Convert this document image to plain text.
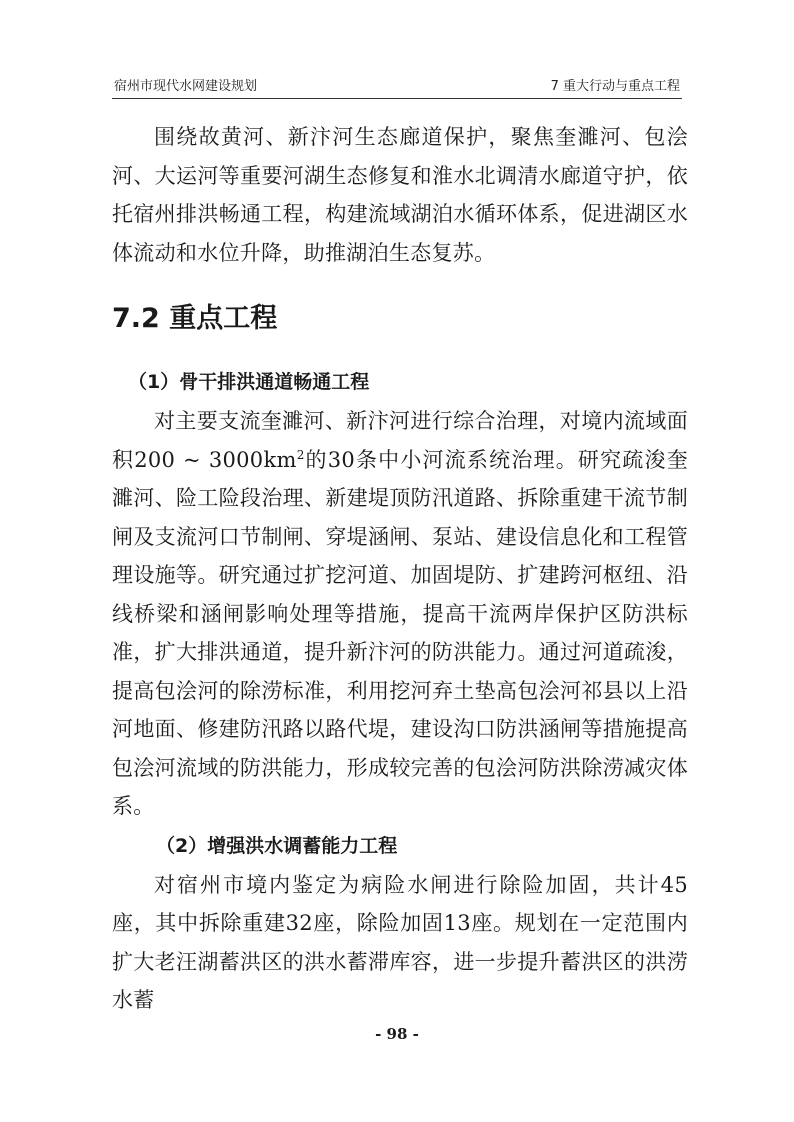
宿州市现代水网建设规划	7 重大行动与重点工程

围绕故黄河、新汴河生态廊道保护，聚焦奎濉河、包浍河、大运河等重要河湖生态修复和淮水北调清水廊道守护，依托宿州排洪畅通工程，构建流域湖泊水循环体系，促进湖区水体流动和水位升降，助推湖泊生态复苏。

7.2 重点工程
（1）骨干排洪通道畅通工程

对主要支流奎濉河、新汴河进行综合治理，对境内流域面积200 ~ $3000km^2$的30条中小河流系统治理。研究疏浚奎濉河、险工险段治理、新建堤顶防汛道路、拆除重建干流节制闸及支流河口节制闸、穿堤涵闸、泵站、建设信息化和工程管理设施等。研究通过扩挖河道、加固堤防、扩建跨河枢纽、沿线桥梁和涵闸影响处理等措施，提高干流两岸保护区防洪标准，扩大排洪通道，提升新汴河的防洪能力。通过河道疏浚，提高包浍河的除涝标准，利用挖河弃土垫高包浍河祁县以上沿河地面、修建防汛路以路代堤，建设沟口防洪涵闸等措施提高包浍河流域的防洪能力，形成较完善的包浍河防洪除涝减灾体系。

（2）增强洪水调蓄能力工程

对宿州市境内鉴定为病险水闸进行除险加固，共计45座，其中拆除重建32座，除险加固13座。规划在一定范围内扩大老汪湖蓄洪区的洪水蓄滞库容，进一步提升蓄洪区的洪涝水蓄

- 98 -
